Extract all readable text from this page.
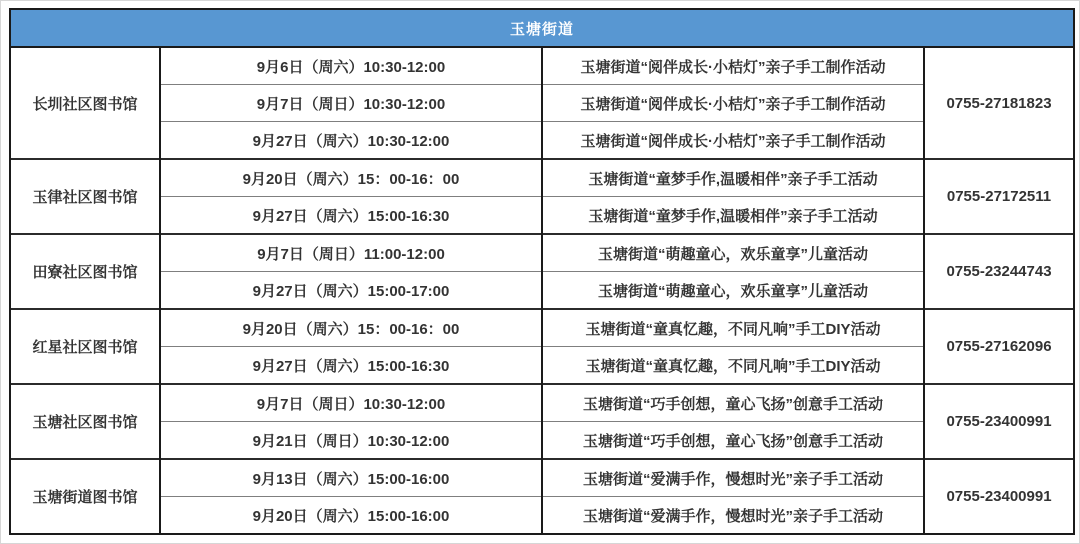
玉塘街道			
长圳社区图书馆	9月6日（周六）10:30-12:00	玉塘街道“阅伴成长·小桔灯”亲子手工制作活动	0755-27181823
	9月7日（周日）10:30-12:00	玉塘街道“阅伴成长·小桔灯”亲子手工制作活动	
	9月27日（周六）10:30-12:00	玉塘街道“阅伴成长·小桔灯”亲子手工制作活动	
玉律社区图书馆	9月20日（周六）15：00-16：00	玉塘街道“童梦手作,温暖相伴”亲子手工活动	0755-27172511
	9月27日（周六）15:00-16:30	玉塘街道“童梦手作,温暖相伴”亲子手工活动	
田寮社区图书馆	9月7日（周日）11:00-12:00	玉塘街道“萌趣童心，欢乐童享”儿童活动	0755-23244743
	9月27日（周六）15:00-17:00	玉塘街道“萌趣童心，欢乐童享”儿童活动	
红星社区图书馆	9月20日（周六）15：00-16：00	玉塘街道“童真忆趣，不同凡响”手工DIY活动	0755-27162096
	9月27日（周六）15:00-16:30	玉塘街道“童真忆趣，不同凡响”手工DIY活动	
玉塘社区图书馆	9月7日（周日）10:30-12:00	玉塘街道“巧手创想，童心飞扬”创意手工活动	0755-23400991
	9月21日（周日）10:30-12:00	玉塘街道“巧手创想，童心飞扬”创意手工活动	
玉塘街道图书馆	9月13日（周六）15:00-16:00	玉塘街道“爱满手作，慢想时光”亲子手工活动	0755-23400991
	9月20日（周六）15:00-16:00	玉塘街道“爱满手作，慢想时光”亲子手工活动	
